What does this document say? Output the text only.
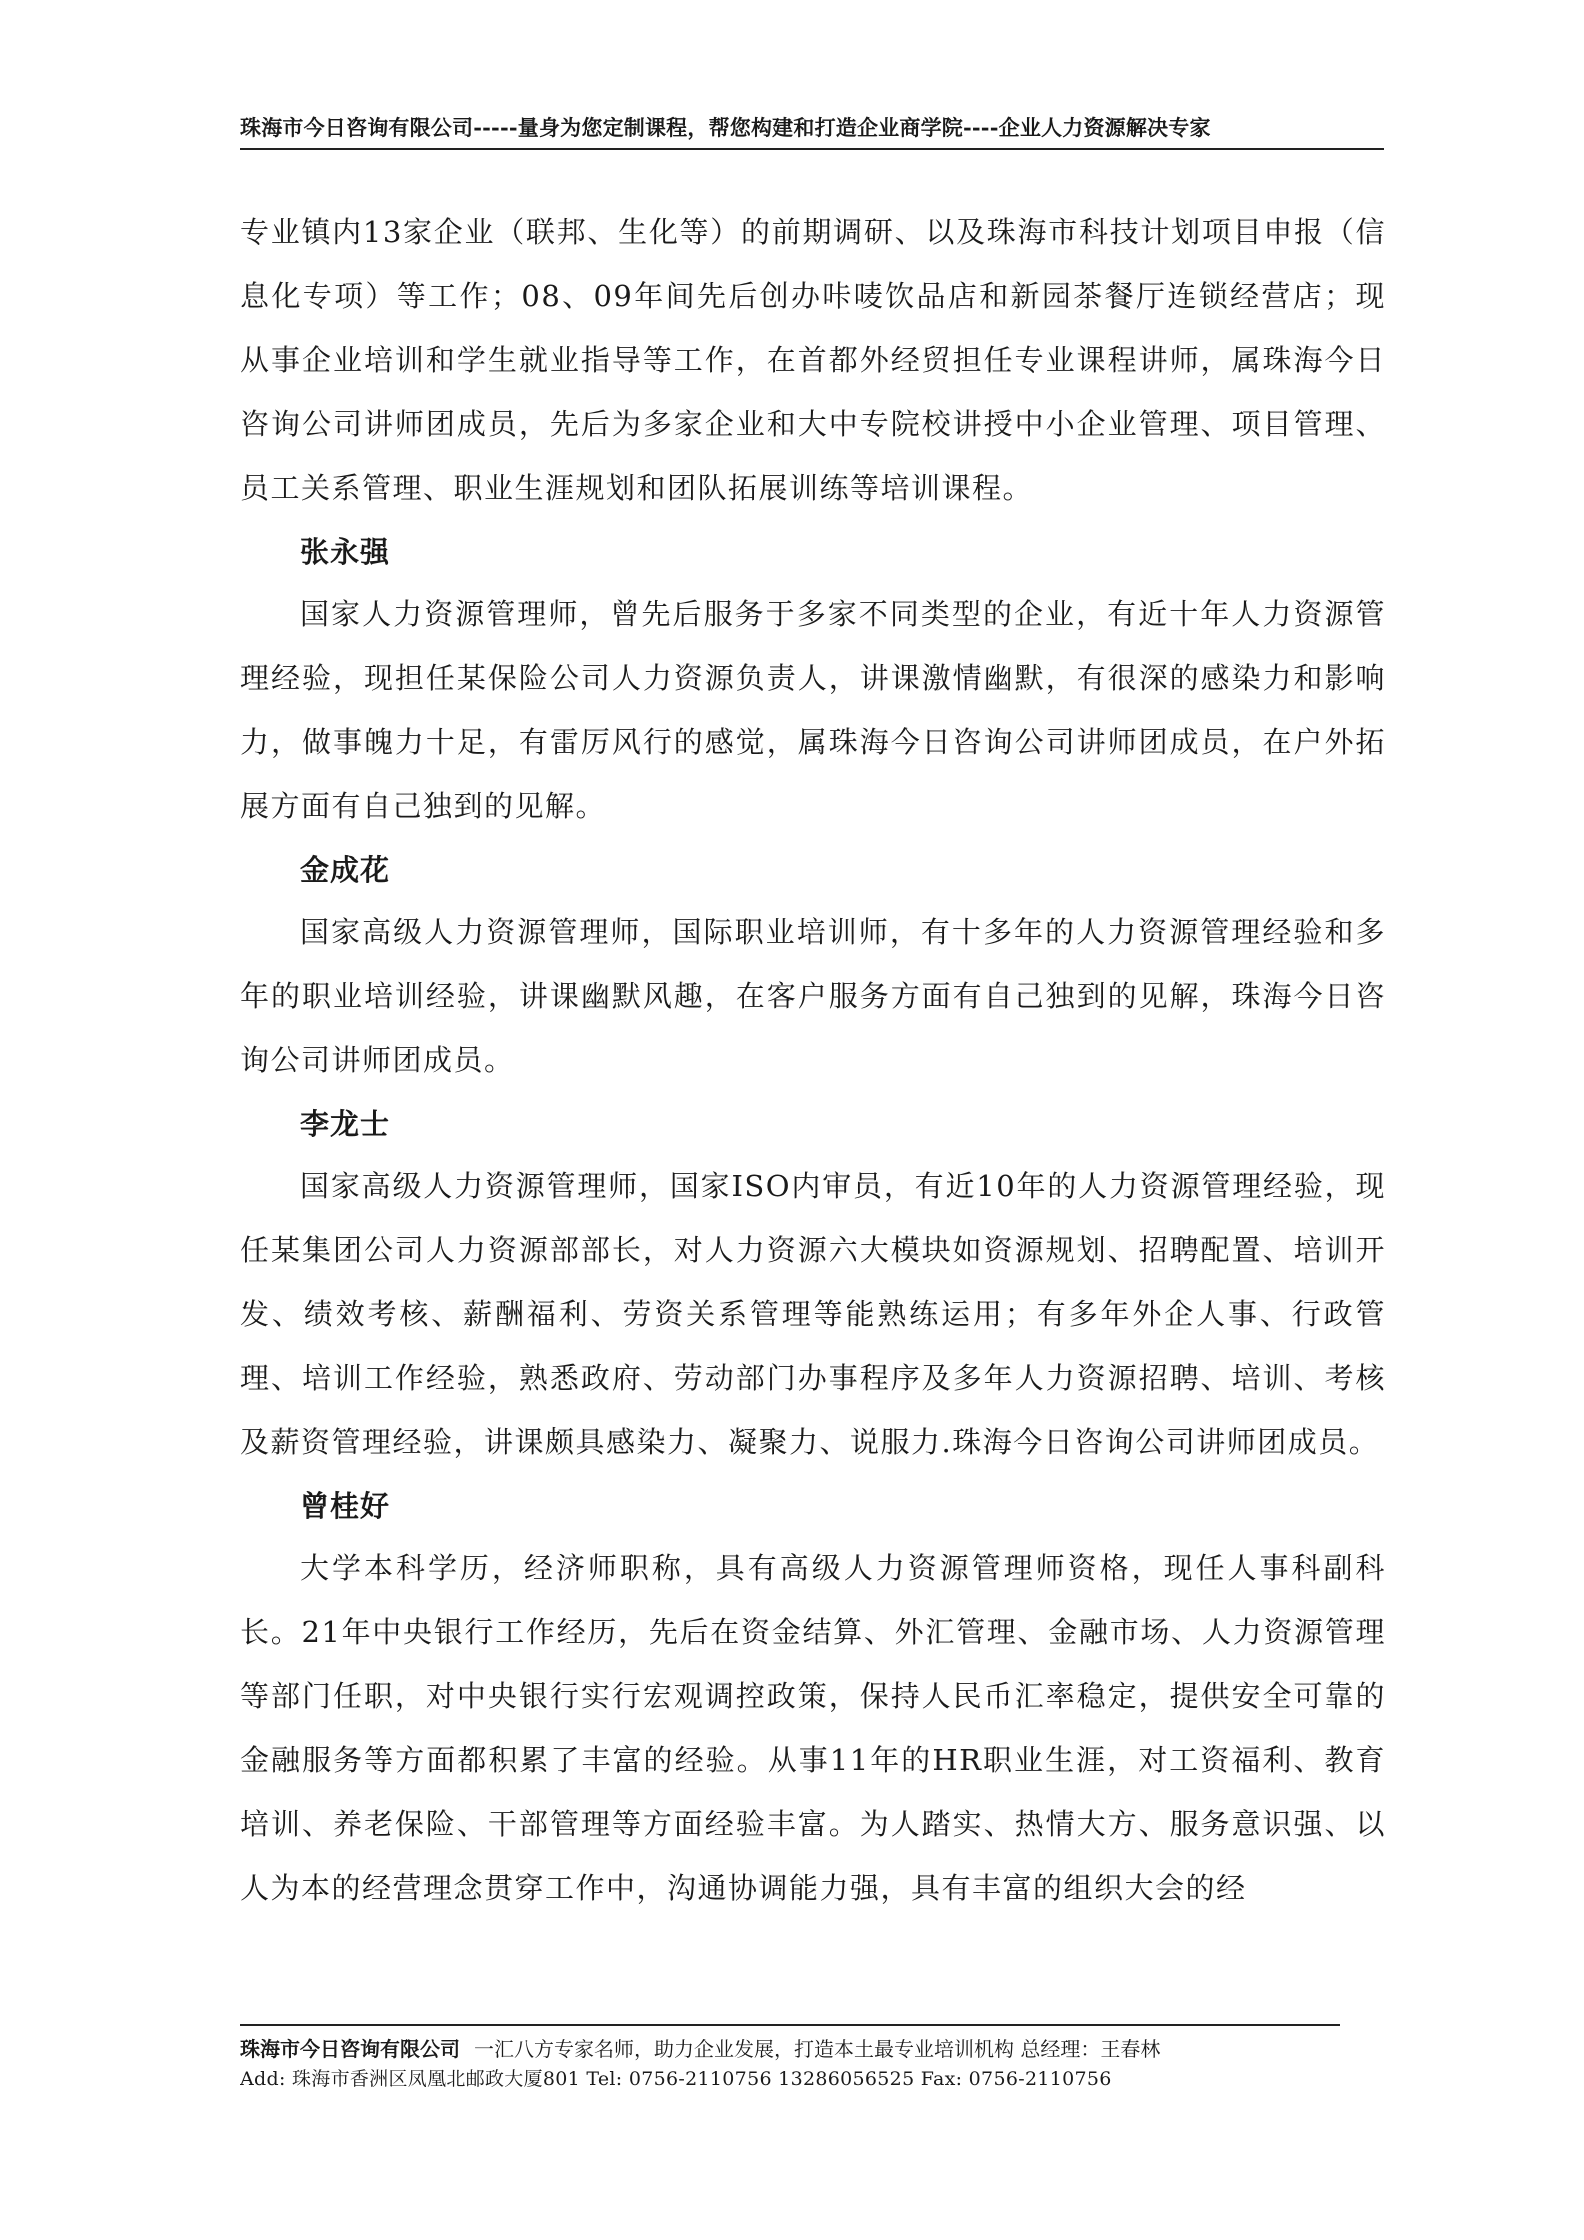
珠海市今日咨询有限公司-----量身为您定制课程，帮您构建和打造企业商学院----企业人力资源解决专家

专业镇内13家企业（联邦、生化等）的前期调研、以及珠海市科技计划项目申报（信息化专项）等工作；08、09年间先后创办咔唛饮品店和新园茶餐厅连锁经营店；现从事企业培训和学生就业指导等工作，在首都外经贸担任专业课程讲师，属珠海今日咨询公司讲师团成员，先后为多家企业和大中专院校讲授中小企业管理、项目管理、员工关系管理、职业生涯规划和团队拓展训练等培训课程。

张永强

国家人力资源管理师，曾先后服务于多家不同类型的企业，有近十年人力资源管理经验，现担任某保险公司人力资源负责人，讲课激情幽默，有很深的感染力和影响力，做事魄力十足，有雷厉风行的感觉，属珠海今日咨询公司讲师团成员，在户外拓展方面有自己独到的见解。

金成花

国家高级人力资源管理师，国际职业培训师，有十多年的人力资源管理经验和多年的职业培训经验，讲课幽默风趣，在客户服务方面有自己独到的见解，珠海今日咨询公司讲师团成员。

李龙士

国家高级人力资源管理师，国家ISO内审员，有近10年的人力资源管理经验，现任某集团公司人力资源部部长，对人力资源六大模块如资源规划、招聘配置、培训开发、绩效考核、薪酬福利、劳资关系管理等能熟练运用；有多年外企人事、行政管理、培训工作经验，熟悉政府、劳动部门办事程序及多年人力资源招聘、培训、考核及薪资管理经验，讲课颇具感染力、凝聚力、说服力.珠海今日咨询公司讲师团成员。

曾桂好

大学本科学历，经济师职称，具有高级人力资源管理师资格，现任人事科副科长。21年中央银行工作经历，先后在资金结算、外汇管理、金融市场、人力资源管理等部门任职，对中央银行实行宏观调控政策，保持人民币汇率稳定，提供安全可靠的金融服务等方面都积累了丰富的经验。从事11年的HR职业生涯，对工资福利、教育培训、养老保险、干部管理等方面经验丰富。为人踏实、热情大方、服务意识强、以人为本的经营理念贯穿工作中，沟通协调能力强，具有丰富的组织大会的经

珠海市今日咨询有限公司 一汇八方专家名师，助力企业发展，打造本土最专业培训机构 总经理：王春林
Add: 珠海市香洲区凤凰北邮政大厦801 Tel: 0756-2110756 13286056525 Fax: 0756-2110756
